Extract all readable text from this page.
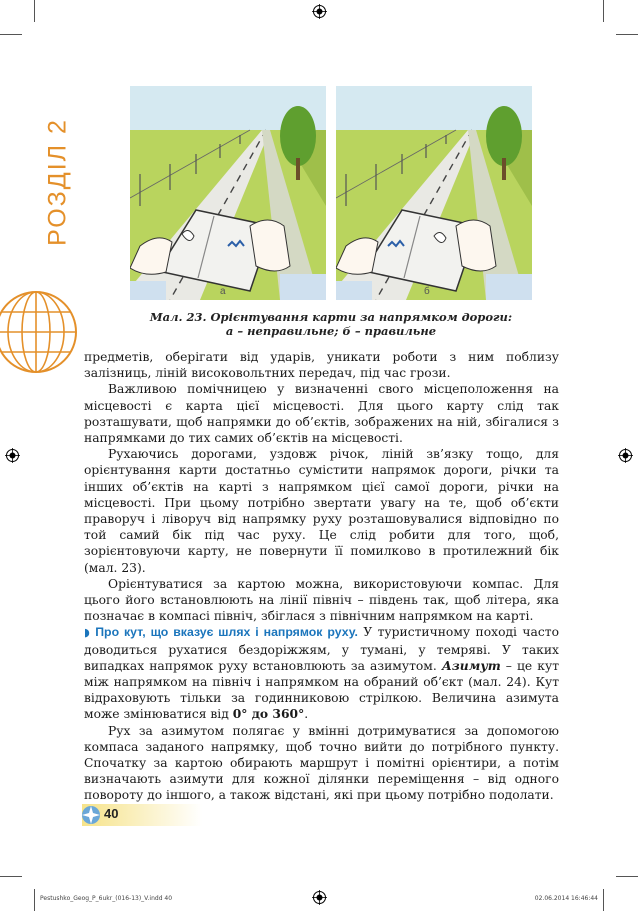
РОЗДІЛ 2
а	б
Мал. 23. Орієнтування карти за напрямком дороги:
а – неправильне; б – правильне

предметів, оберігати від ударів, уникати роботи з ним поблизу залізниць, ліній високовольтних передач, під час грози.

Важливою помічницею у визначенні свого місцеположення на місцевості є карта цієї місцевості. Для цього карту слід так розташувати, щоб напрямки до об’єктів, зображених на ній, збігалися з напрямками до тих самих об’єктів на місцевості.

Рухаючись дорогами, уздовж річок, ліній зв’язку тощо, для орієнтування карти достатньо сумістити напрямок дороги, річки та інших об’єктів на карті з напрямком цієї самої дороги, річки на місцевості. При цьому потрібно звертати увагу на те, щоб об’єкти праворуч і ліворуч від напрямку руху розташовувалися відповідно по той самий бік під час руху. Це слід робити для того, щоб, зорієнтовуючи карту, не повернути її помилково в протилежний бік (мал. 23).

Орієнтуватися за картою можна, використовуючи компас. Для цього його встановлюють на лінії північ – південь так, щоб літера, яка позначає в компасі північ, збіглася з північним напрямком на карті.

◗ Про кут, що вказує шлях і напрямок руху. У туристичному поході часто доводиться рухатися бездоріжжям, у тумані, у темряві. У таких випадках напрямок руху встановлюють за азимутом. Азимут – це кут між напрямком на північ і напрямком на обраний об’єкт (мал. 24). Кут відраховують тільки за годинниковою стрілкою. Величина азимута може змінюватися від 0° до 360°.

Рух за азимутом полягає у вмінні дотримуватися за допомогою компаса заданого напрямку, щоб точно вийти до потрібного пункту. Спочатку за картою обирають маршрут і помітні орієнтири, а потім визначають азимути для кожної ділянки переміщення – від одного повороту до іншого, а також відстані, які при цьому потрібно подолати.

40
Pestushko_Geog_P_6ukr_(016-13)_V.indd 40	02.06.2014 16:46:44
